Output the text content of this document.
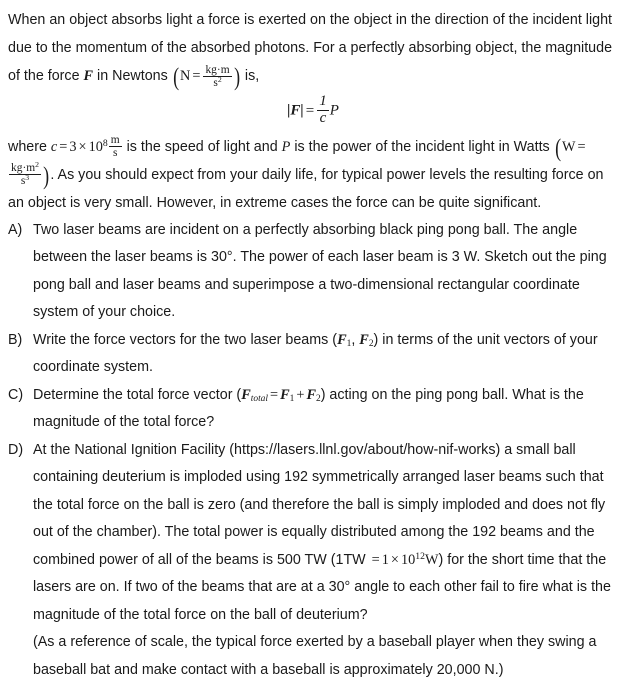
When an object absorbs light a force is exerted on the object in the direction of the incident light due to the momentum of the absorbed photons. For a perfectly absorbing object, the magnitude of the force F in Newtons ($N = \frac{kg\cdot m}{s^2}$ ) is,
$|F| = \frac{1}{c}$ P
where $c = 3 \times 10^8 \frac{m}{s}$ is the speed of light and P is the power of the incident light in Watts (W =
$\frac{kg\cdot m^2}{s^3}$ ). As you should expect from your daily life, for typical power levels the resulting force on an object is very small. However, in extreme cases the force can be quite significant.
A) Two laser beams are incident on a perfectly absorbing black ping pong ball. The angle between the laser beams is 30°. The power of each laser beam is 3 W. Sketch out the ping pong ball and laser beams and superimpose a two-dimensional rectangular coordinate system of your choice.
B) Write the force vectors for the two laser beams ($F_1$, $F_2$) in terms of the unit vectors of your coordinate system.
C) Determine the total force vector $(F_{total} = F_1 + F_2)$ acting on the ping pong ball. What is the magnitude of the total force?
D) At the National Ignition Facility (https://lasers.llnl.gov/about/how-nif-works) a small ball containing deuterium is imploded using 192 symmetrically arranged laser beams such that the total force on the ball is zero (and therefore the ball is simply imploded and does not fly out of the chamber). The total power is equally distributed among the 192 beams and the combined power of all of the beams is 500 TW $(1TW = 1 \times 10^{12}W)$ for the short time that the lasers are on. If two of the beams that are at a 30° angle to each other fail to fire what is the magnitude of the total force on the ball of deuterium?
(As a reference of scale, the typical force exerted by a baseball player when they swing a baseball bat and make contact with a baseball is approximately 20,000 N.)
